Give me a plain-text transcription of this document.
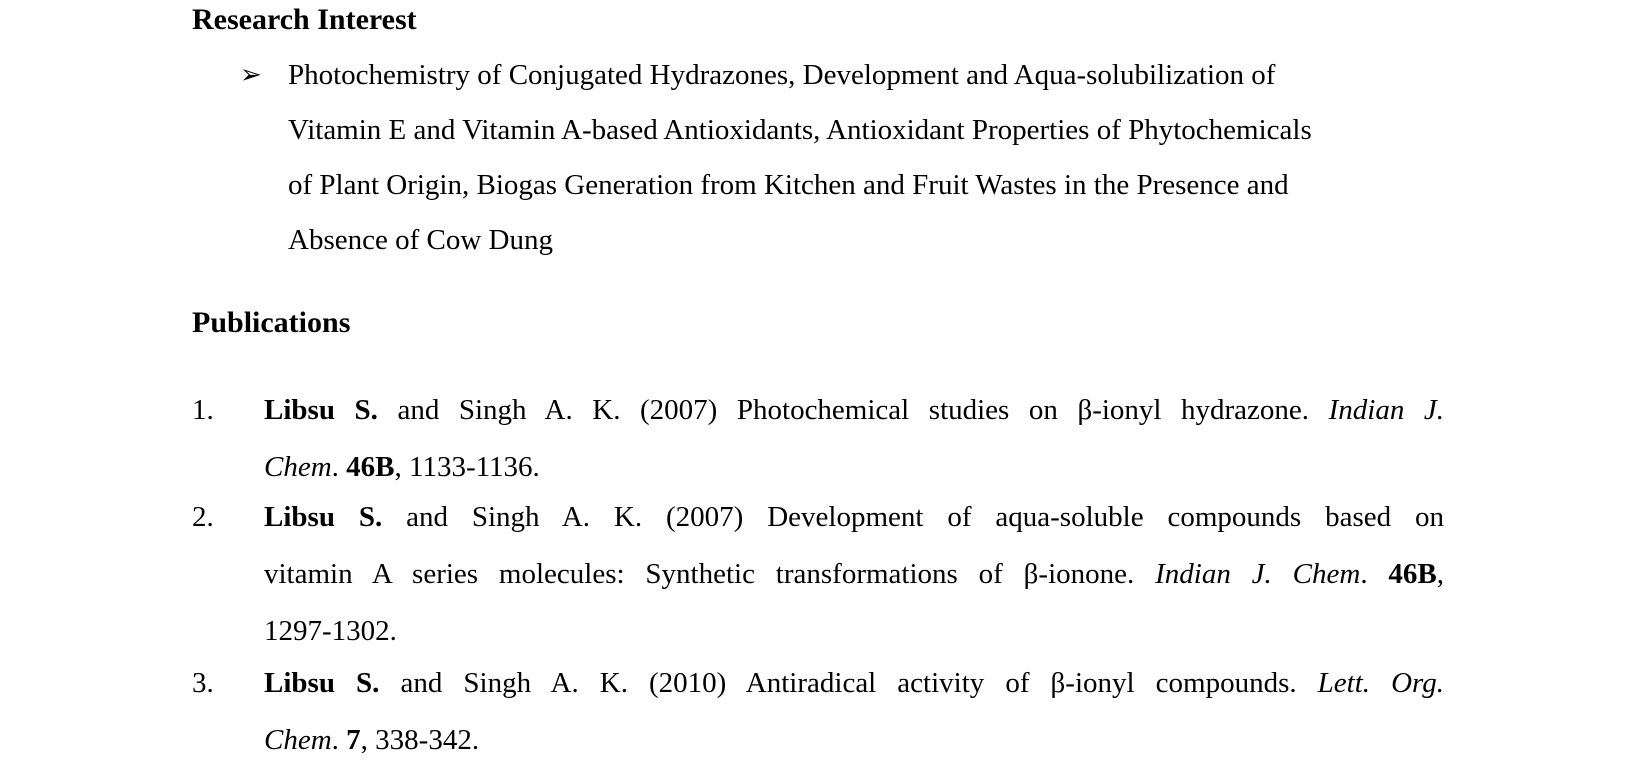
Research Interest
➢ Photochemistry of Conjugated Hydrazones, Development and Aqua-solubilization of
Vitamin E and Vitamin A-based Antioxidants, Antioxidant Properties of Phytochemicals
of Plant Origin, Biogas Generation from Kitchen and Fruit Wastes in the Presence and
Absence of Cow Dung
Publications
1. Libsu S. and Singh A. K. (2007) Photochemical studies on β-ionyl hydrazone. Indian J.
Chem. 46B, 1133-1136.
2. Libsu S. and Singh A. K. (2007) Development of aqua-soluble compounds based on
vitamin A series molecules: Synthetic transformations of β-ionone. Indian J. Chem. 46B,
1297-1302.
3. Libsu S. and Singh A. K. (2010) Antiradical activity of β-ionyl compounds. Lett. Org.
Chem. 7, 338-342.
